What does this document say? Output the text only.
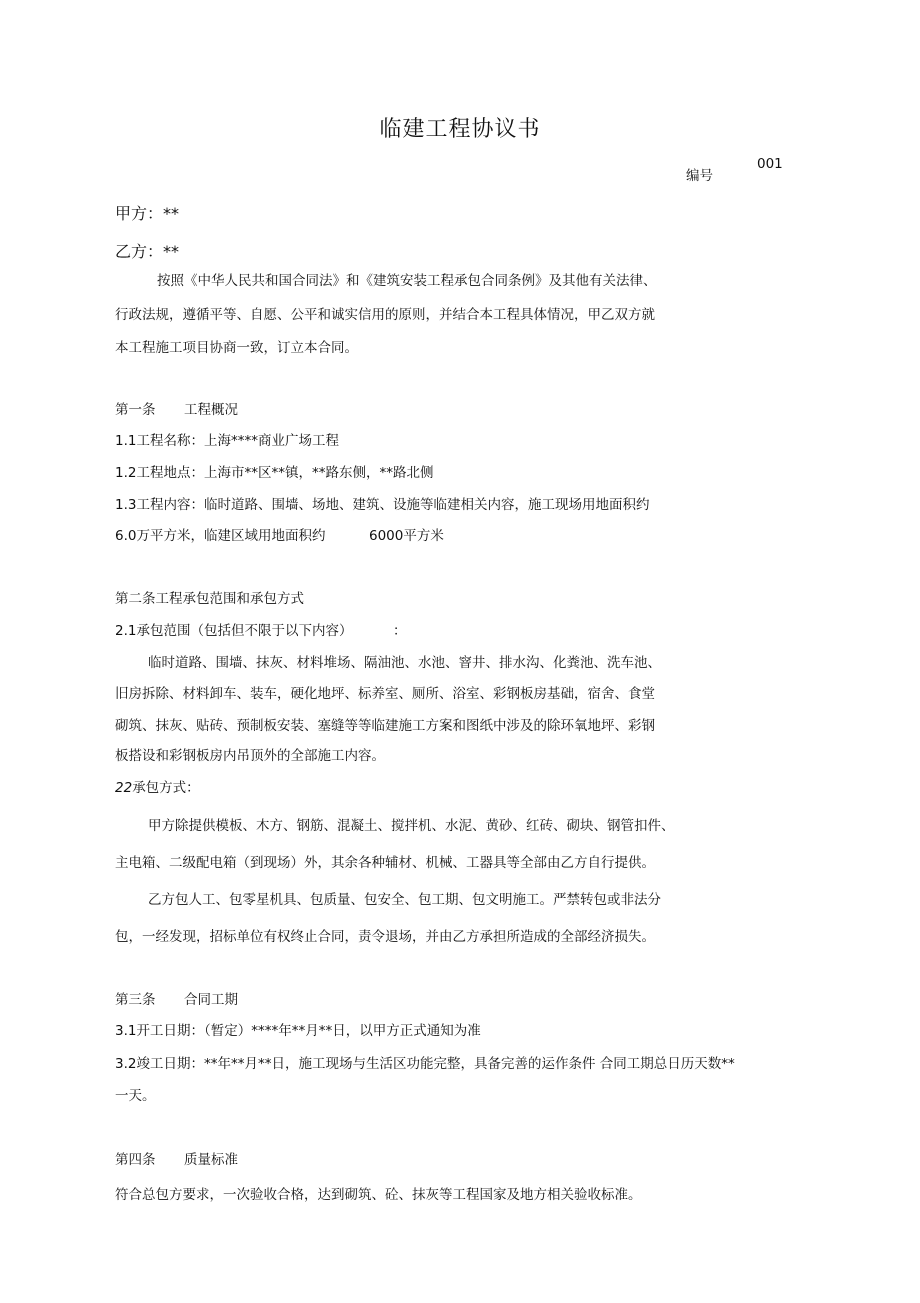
临建工程协议书
001
编号
甲方：**
乙方：**
按照《中华人民共和国合同法》和《建筑安装工程承包合同条例》及其他有关法律、
行政法规，遵循平等、自愿、公平和诚实信用的原则，并结合本工程具体情况，甲乙双方就
本工程施工项目协商一致，订立本合同。
第一条 工程概况
1.1工程名称：上海****商业广场工程
1.2工程地点：上海市**区**镇，**路东侧，**路北侧
1.3工程内容：临时道路、围墙、场地、建筑、设施等临建相关内容，施工现场用地面积约
6.0万平方米，临建区域用地面积约	6000平方米
第二条工程承包范围和承包方式
2.1承包范围（包括但不限于以下内容）	：
临时道路、围墙、抹灰、材料堆场、隔油池、水池、窨井、排水沟、化粪池、洗车池、
旧房拆除、材料卸车、装车，硬化地坪、标养室、厕所、浴室、彩钢板房基础，宿舍、食堂
砌筑、抹灰、贴砖、预制板安装、塞缝等等临建施工方案和图纸中涉及的除环氧地坪、彩钢
板搭设和彩钢板房内吊顶外的全部施工内容。
22承包方式：
甲方除提供模板、木方、钢筋、混凝土、搅拌机、水泥、黄砂、红砖、砌块、钢管扣件、
主电箱、二级配电箱（到现场）外，其余各种辅材、机械、工器具等全部由乙方自行提供。
乙方包人工、包零星机具、包质量、包安全、包工期、包文明施工。严禁转包或非法分
包，一经发现，招标单位有权终止合同，责令退场，并由乙方承担所造成的全部经济损失。
第三条 合同工期
3.1开工日期：（暂定）****年**月**日，以甲方正式通知为准
3.2竣工日期：**年**月**日，施工现场与生活区功能完整，具备完善的运作条件 合同工期总日历天数**
一天。
第四条 质量标准
符合总包方要求，一次验收合格，达到砌筑、砼、抹灰等工程国家及地方相关验收标准。
